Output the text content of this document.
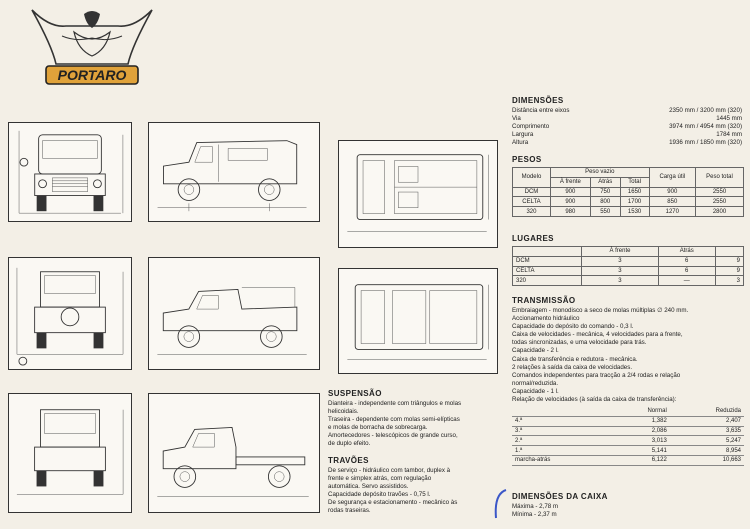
PORTARO
SUSPENSÃO
Dianteira - independente com triângulos e molas
helicoidais.
Traseira - dependente com molas semi-elípticas
e molas de borracha de sobrecarga.
Amortecedores - telescópicos de grande curso,
de duplo efeito.
TRAVÕES
De serviço - hidráulico com tambor, duplex à
frente e simplex atrás, com regulação
automática. Servo assistidos.
Capacidade depósito travões - 0,75 l.
De segurança e estacionamento - mecânico às
rodas traseiras.
DIMENSÕES
Distância entre eixos	2350 mm / 3200 mm (320)
Via	1445 mm
Comprimento	3974 mm / 4954 mm (320)
Largura	1784 mm
Altura	1936 mm / 1850 mm (320)
PESOS
Modelo	Peso vazio			Carga útil	Peso total
	À frente	Atrás	Total		
DCM	900	750	1650	900	2550
CELTA	900	800	1700	850	2550
320	980	550	1530	1270	2800
LUGARES
	À frente	Atrás	
DCM	3	6	9
CELTA	3	6	9
320	3	—	3
TRANSMISSÃO
Embraiagem - monodisco a seco de molas múltiplas ∅ 240 mm.
Accionamento hidráulico
Capacidade do depósito do comando - 0,3 l.
Caixa de velocidades - mecânica, 4 velocidades para a frente,
todas sincronizadas, e uma velocidade para trás.
Capacidade - 2 l.
Caixa de transferência e redutora - mecânica.
2 relações à saída da caixa de velocidades.
Comandos independentes para tracção a 2/4 rodas e relação
normal/reduzida.
Capacidade - 1 l.
Relação de velocidades (à saída da caixa de transferência):
	Normal	Reduzida
4.ª	1,382	2,407
3.ª	2,086	3,635
2.ª	3,013	5,247
1.ª	5,141	8,954
marcha-atrás	6,122	10,663
DIMENSÕES DA CAIXA
Máxima - 2,78 m
Mínima - 2,37 m
